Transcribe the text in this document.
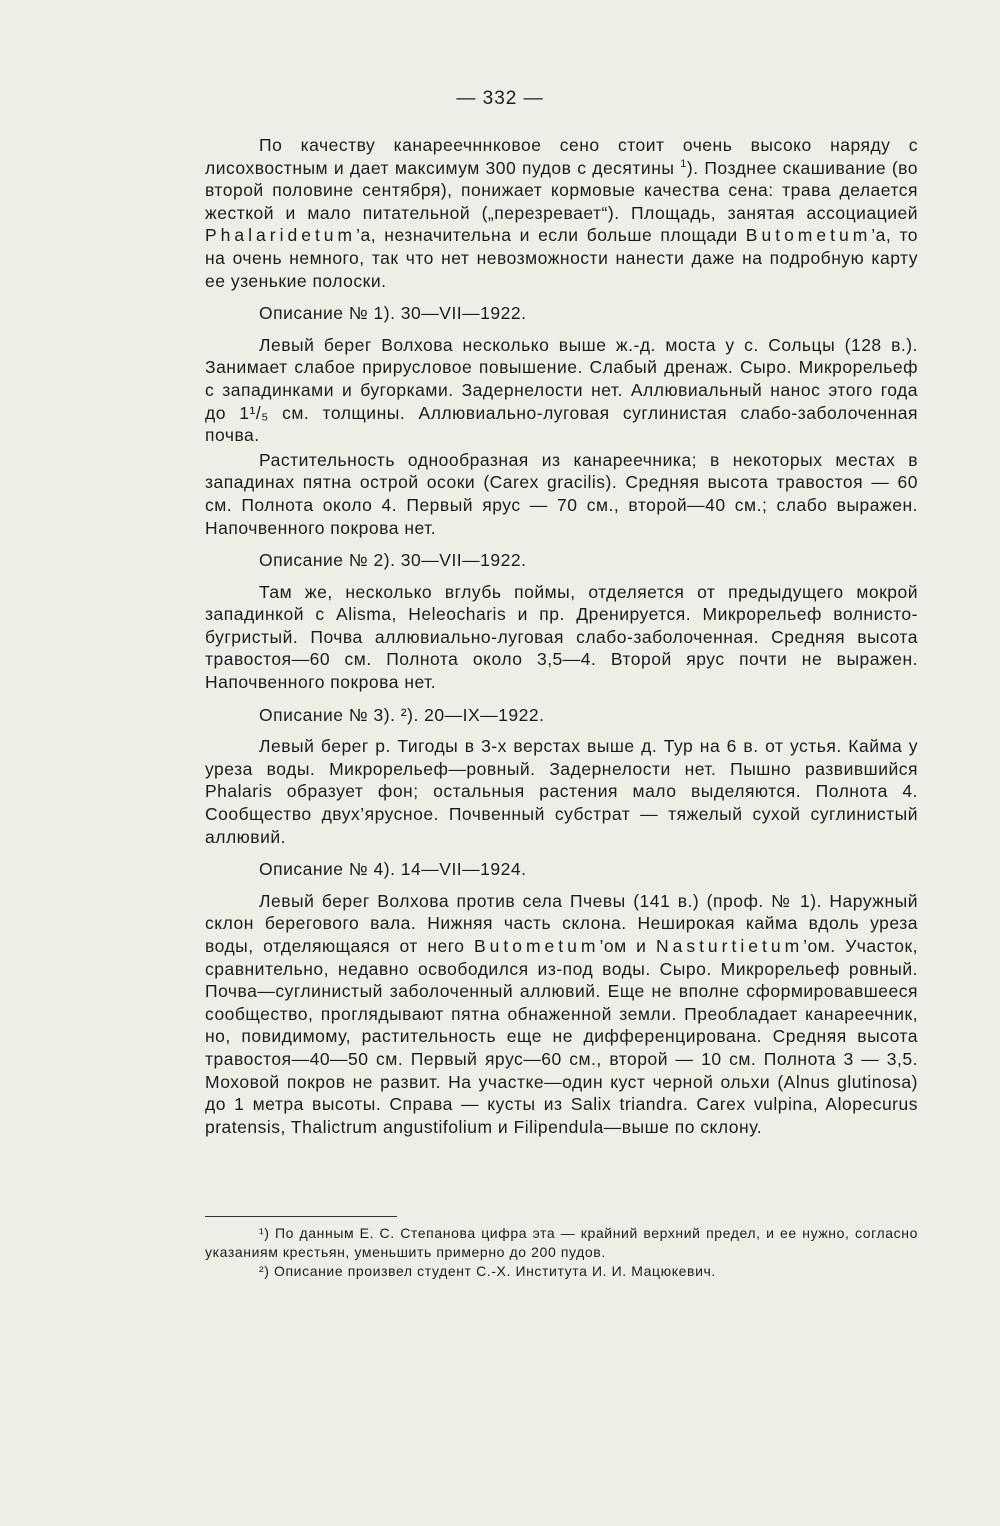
— 332 —

По качеству канареечннковое сено стоит очень высоко наряду с лисохвостным и дает максимум 300 пудов с десятины $^1$). Позднее скашивание (во второй половине сентября), понижает кормовые качества сена: трава делается жесткой и мало питательной („перезревает“). Площадь, занятая ассоциацией Phalaridetum’a, незначительна и если больше площади Butometum’a, то на очень немного, так что нет невозможности нанести даже на подробную карту ее узенькие полоски.

Описание № 1). 30—VII—1922.

Левый берег Волхова несколько выше ж.-д. моста у с. Сольцы (128 в.). Занимает слабое прирусловое повышение. Слабый дренаж. Сыро. Микрорельеф с западинками и бугорками. Задернелости нет. Аллювиальный нанос этого года до 1¹/₅ см. толщины. Аллювиально-луговая суглинистая слабо-заболоченная почва.

Растительность однообразная из канареечника; в некоторых местах в западинах пятна острой осоки (Carex gracilis). Средняя высота травостоя — 60 см. Полнота около 4. Первый ярус — 70 см., второй—40 см.; слабо выражен. Напочвенного покрова нет.

Описание № 2). 30—VII—1922.

Там же, несколько вглубь поймы, отделяется от предыдущего мокрой западинкой с Alisma, Heleocharis и пр. Дренируется. Микрорельеф волнисто-бугристый. Почва аллювиально-луговая слабо-заболоченная. Средняя высота травостоя—60 см. Полнота около 3,5—4. Второй ярус почти не выражен. Напочвенного покрова нет.

Описание № 3). ²). 20—IX—1922.

Левый берег р. Тигоды в 3-х верстах выше д. Тур на 6 в. от устья. Кайма у уреза воды. Микрорельеф—ровный. Задернелости нет. Пышно развившийся Phalaris образует фон; остальныя растения мало выделяются. Полнота 4. Сообщество двух’ярусное. Почвенный субстрат — тяжелый сухой суглинистый аллювий.

Описание № 4). 14—VII—1924.

Левый берег Волхова против села Пчевы (141 в.) (проф. № 1). Наружный склон берегового вала. Нижняя часть склона. Неширокая кайма вдоль уреза воды, отделяющаяся от него Butometum’ом и Nasturtietum’ом. Участок, сравнительно, недавно освободился из-под воды. Сыро. Микрорельеф ровный. Почва—суглинистый заболоченный аллювий. Еще не вполне сформировавшееся сообщество, проглядывают пятна обнаженной земли. Преобладает канареечник, но, повидимому, растительность еще не дифференцирована. Средняя высота травостоя—40—50 см. Первый ярус—60 см., второй — 10 см. Полнота 3 — 3,5. Моховой покров не развит. На участке—один куст черной ольхи (Alnus glutinosa) до 1 метра высоты. Справа — кусты из Salix triandra. Carex vulpina, Alopecurus pratensis, Thalictrum angustifolium и Filipendula—выше по склону.

¹) По данным Е. С. Степанова цифра эта — крайний верхний предел, и ее нужно, согласно указаниям крестьян, уменьшить примерно до 200 пудов.

²) Описание произвел студент С.-Х. Института И. И. Мацюкевич.
